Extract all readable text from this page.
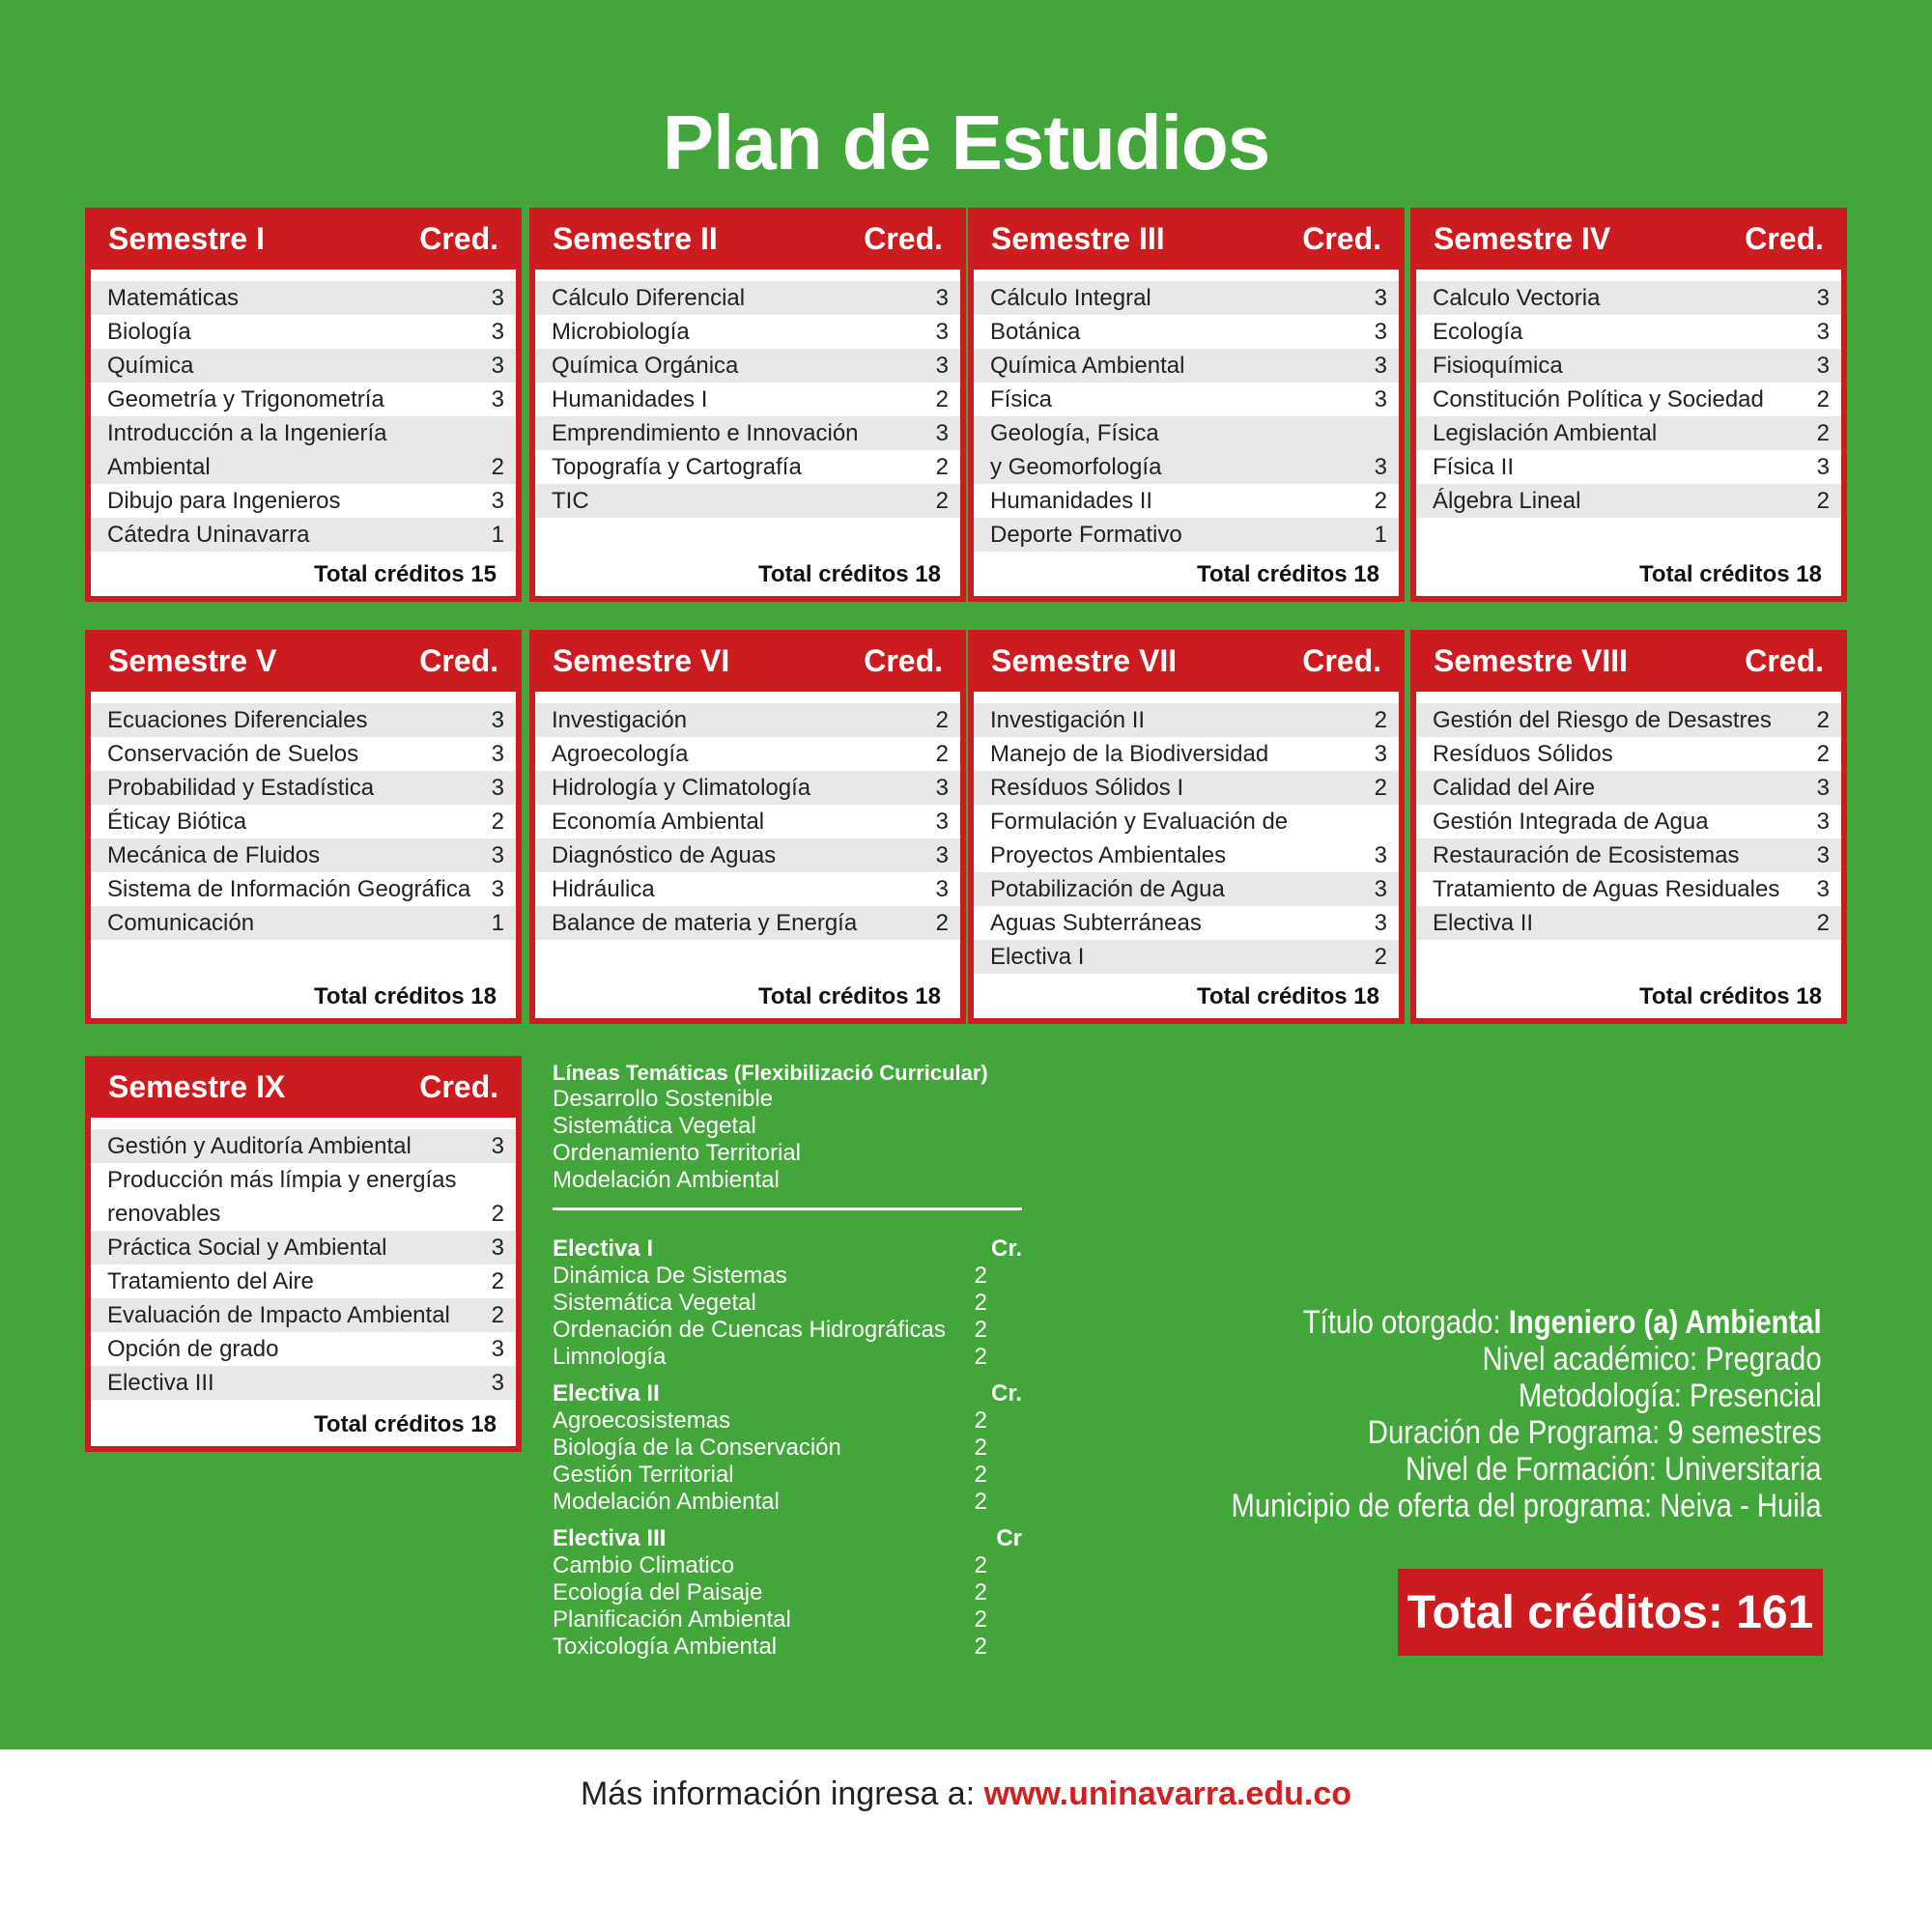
Plan de Estudios
Semestre I	Cred.
Matemáticas	3
Biología	3
Química	3
Geometría y Trigonometría	3
Introducción a la Ingeniería
Ambiental	2
Dibujo para Ingenieros	3
Cátedra Uninavarra	1
Total créditos 15
Semestre II	Cred.
Cálculo Diferencial	3
Microbiología	3
Química Orgánica	3
Humanidades I	2
Emprendimiento e Innovación	3
Topografía y Cartografía	2
TIC	2
Total créditos 18
Semestre III	Cred.
Cálculo Integral	3
Botánica	3
Química Ambiental	3
Física	3
Geología, Física
y Geomorfología	3
Humanidades II	2
Deporte Formativo	1
Total créditos 18
Semestre IV	Cred.
Calculo Vectoria	3
Ecología	3
Fisioquímica	3
Constitución Política y Sociedad 2
Legislación Ambiental	2
Física II	3
Álgebra Lineal	2
Total créditos 18
Semestre V	Cred.
Ecuaciones Diferenciales	3
Conservación de Suelos	3
Probabilidad y Estadística	3
Éticay Biótica	2
Mecánica de Fluidos	3
Sistema de Información Geográfica 3
Comunicación	1
Total créditos 18
Semestre VI	Cred.
Investigación	2
Agroecología	2
Hidrología y Climatología	3
Economía Ambiental	3
Diagnóstico de Aguas	3
Hidráulica	3
Balance de materia y Energía	2
Total créditos 18
Semestre VII	Cred.
Investigación II	2
Manejo de la Biodiversidad	3
Resíduos Sólidos I	2
Formulación y Evaluación de
Proyectos Ambientales	3
Potabilización de Agua	3
Aguas Subterráneas	3
Electiva I	2
Total créditos 18
Semestre VIII	Cred.
Gestión del Riesgo de Desastres 2
Resíduos Sólidos	2
Calidad del Aire	3
Gestión Integrada de Agua	3
Restauración de Ecosistemas	3
Tratamiento de Aguas Residuales 3
Electiva II	2
Total créditos 18
Semestre IX	Cred.
Gestión y Auditoría Ambiental	3
Producción más límpia y energías
renovables	2
Práctica Social y Ambiental	3
Tratamiento del Aire	2
Evaluación de Impacto Ambiental 2
Opción de grado	3
Electiva III	3
Total créditos 18
Líneas Temáticas (Flexibilizació Curricular)
Desarrollo Sostenible
Sistemática Vegetal
Ordenamiento Territorial
Modelación Ambiental
Electiva I	Cr.
Dinámica De Sistemas	2
Sistemática Vegetal	2
Ordenación de Cuencas Hidrográficas 2
Limnología	2
Electiva II	Cr.
Agroecosistemas	2
Biología de la Conservación	2
Gestión Territorial	2
Modelación Ambiental	2
Electiva III	Cr
Cambio Climatico	2
Ecología del Paisaje	2
Planificación Ambiental	2
Toxicología Ambiental	2
Título otorgado: Ingeniero (a) Ambiental
Nivel académico: Pregrado
Metodología: Presencial
Duración de Programa: 9 semestres
Nivel de Formación: Universitaria
Municipio de oferta del programa: Neiva - Huila
Total créditos: 161
Más información ingresa a: www.uninavarra.edu.co
